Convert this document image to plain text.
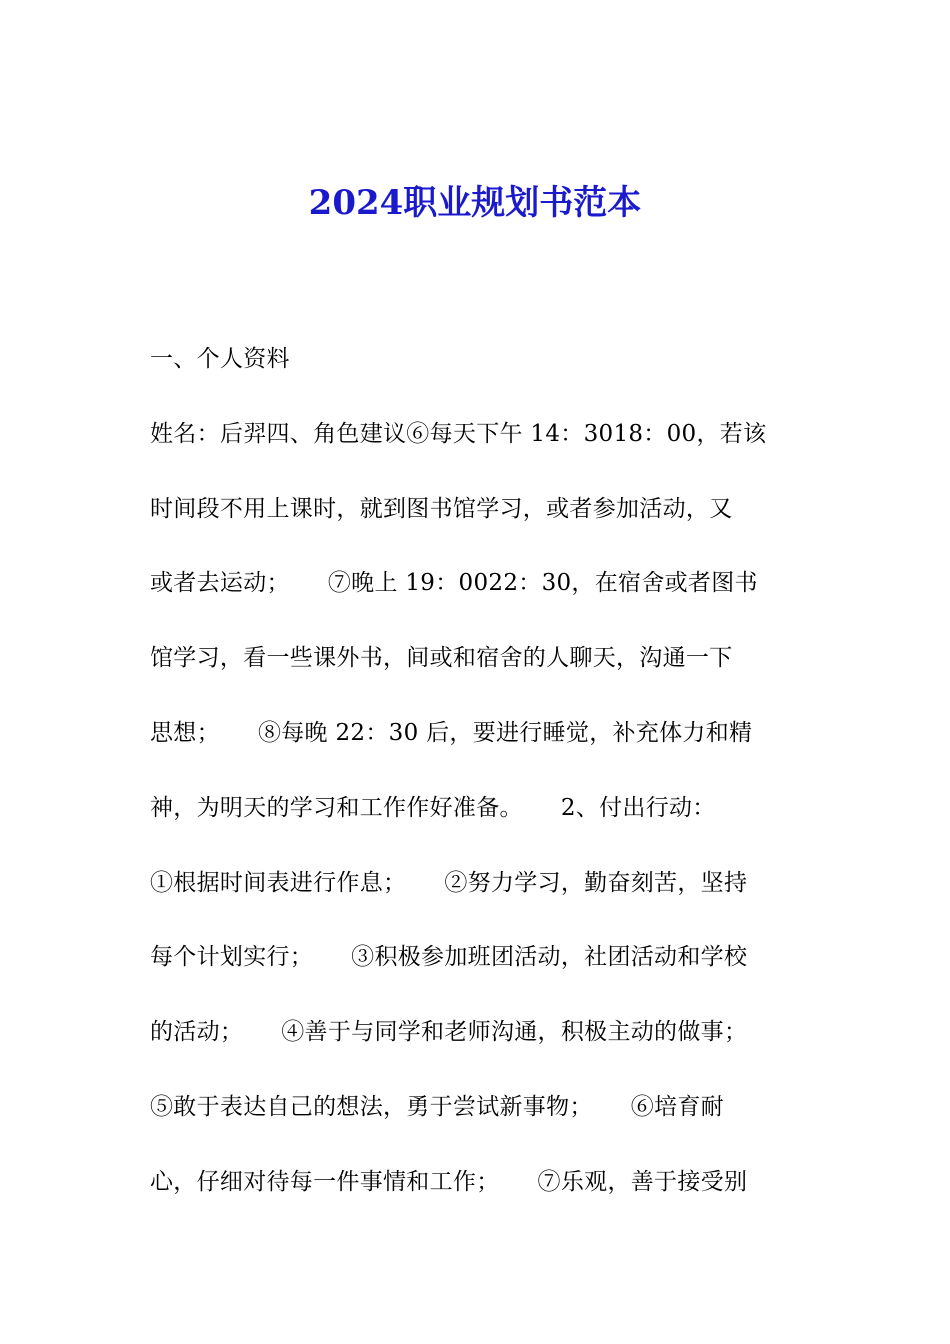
2024职业规划书范本
一、个人资料
姓名：后羿四、角色建议⑥每天下午 14：3018：00，若该
时间段不用上课时，就到图书馆学习，或者参加活动，又
或者去运动；     ⑦晚上 19：0022：30，在宿舍或者图书
馆学习，看一些课外书，间或和宿舍的人聊天，沟通一下
思想；     ⑧每晚 22：30 后，要进行睡觉，补充体力和精
神，为明天的学习和工作作好准备。     2、付出行动：
①根据时间表进行作息；     ②努力学习，勤奋刻苦，坚持
每个计划实行；     ③积极参加班团活动，社团活动和学校
的活动；     ④善于与同学和老师沟通，积极主动的做事；
⑤敢于表达自己的想法，勇于尝试新事物；     ⑥培育耐
心，仔细对待每一件事情和工作；     ⑦乐观，善于接受别
